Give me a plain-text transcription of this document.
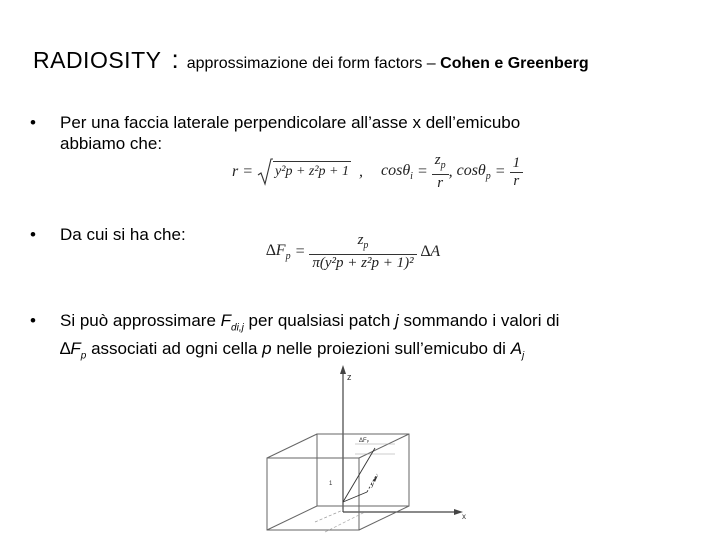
RADIOSITY : approssimazione dei form factors – Cohen e Greenberg
• Per una faccia laterale perpendicolare all’asse x dell’emicubo
abbiamo che:
r = y²p + z²p + 1 , $\cos\theta_i = \frac{z_p}{r}$ , $\cos\theta_p = \frac{1}{r}$
• Da cui si ha che:
$\Delta F_p = \frac{z_p}{\text{π(y²p + z²p + 1)²}} \Delta A$
• Si può approssimare $F_{di,j}$ per qualsiasi patch j sommando i valori di
$\Delta F_p$ associati ad ogni cella p nelle proiezioni sull’emicubo di $A_j$
z
x
1
ΔFp
y
